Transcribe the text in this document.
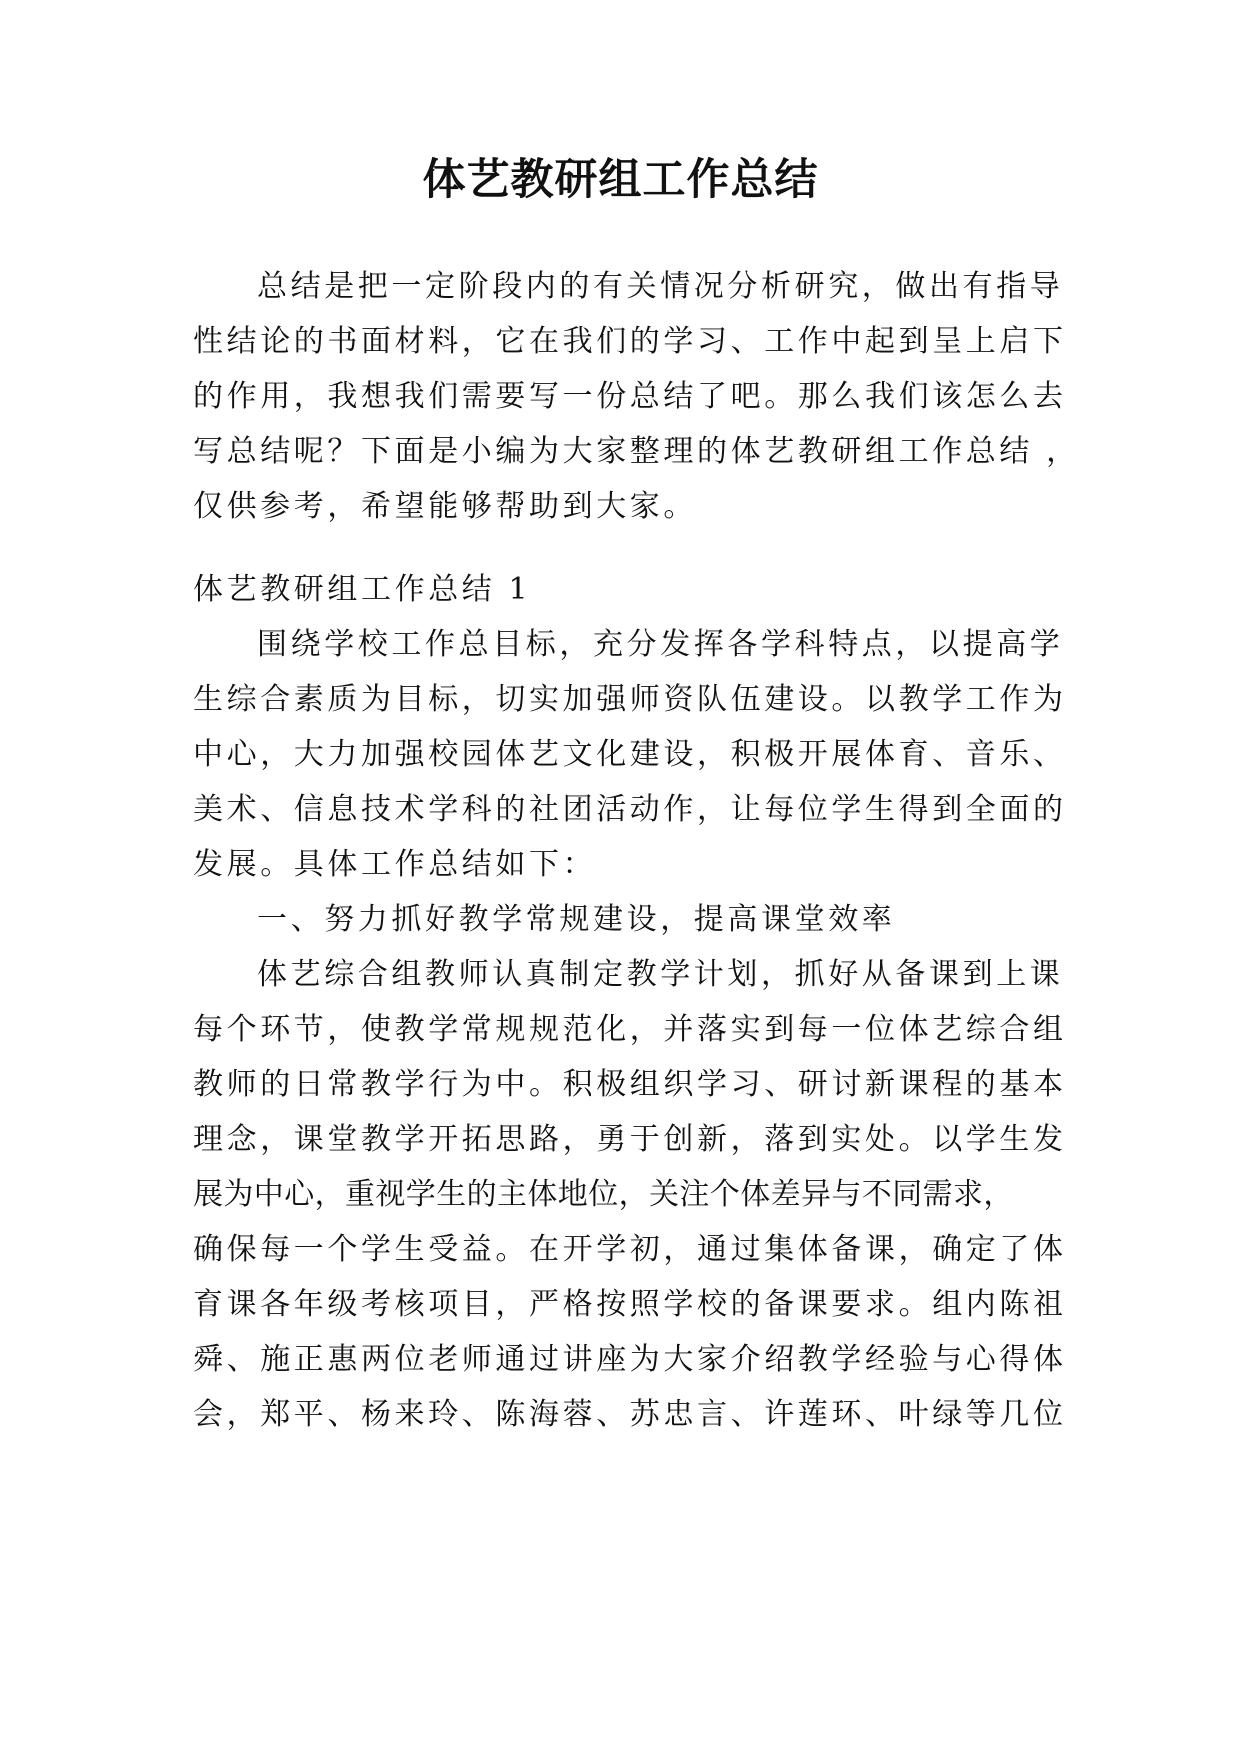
体艺教研组工作总结

总结是把一定阶段内的有关情况分析研究，做出有指导

性结论的书面材料，它在我们的学习、工作中起到呈上启下

的作用，我想我们需要写一份总结了吧。那么我们该怎么去

写总结呢？下面是小编为大家整理的体艺教研组工作总结 ，

仅供参考，希望能够帮助到大家。

体艺教研组工作总结 1

围绕学校工作总目标，充分发挥各学科特点，以提高学

生综合素质为目标，切实加强师资队伍建设。以教学工作为

中心，大力加强校园体艺文化建设，积极开展体育、音乐、

美术、信息技术学科的社团活动作，让每位学生得到全面的

发展。具体工作总结如下：

一、努力抓好教学常规建设，提高课堂效率

体艺综合组教师认真制定教学计划，抓好从备课到上课

每个环节，使教学常规规范化，并落实到每一位体艺综合组

教师的日常教学行为中。积极组织学习、研讨新课程的基本

理念，课堂教学开拓思路，勇于创新，落到实处。以学生发

展为中心，重视学生的主体地位，关注个体差异与不同需求，

确保每一个学生受益。在开学初，通过集体备课，确定了体

育课各年级考核项目，严格按照学校的备课要求。组内陈祖

舜、施正惠两位老师通过讲座为大家介绍教学经验与心得体

会，郑平、杨来玲、陈海蓉、苏忠言、许莲环、叶绿等几位
